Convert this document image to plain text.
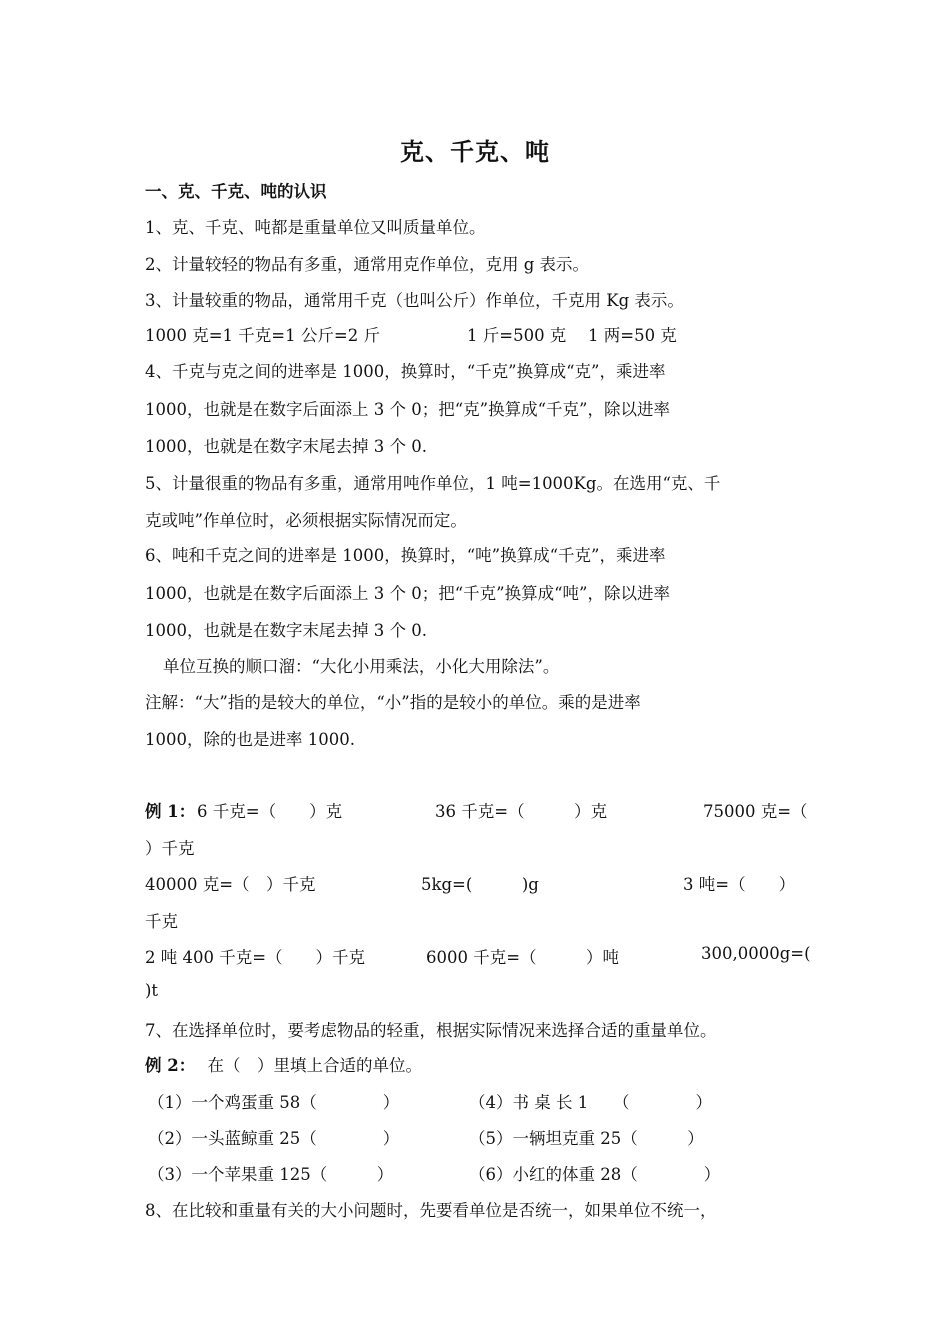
克、千克、吨
一、克、千克、吨的认识
1、克、千克、吨都是重量单位又叫质量单位。
2、计量较轻的物品有多重，通常用克作单位，克用 g 表示。
3、计量较重的物品，通常用千克（也叫公斤）作单位，千克用 Kg 表示。
1000 克=1 千克=1 公斤=2 斤	1 斤=500 克 1 两=50 克
4、千克与克之间的进率是 1000，换算时，“千克”换算成“克”，乘进率
1000，也就是在数字后面添上 3 个 0；把“克”换算成“千克”，除以进率
1000，也就是在数字末尾去掉 3 个 0.
5、计量很重的物品有多重，通常用吨作单位，1 吨=1000Kg。在选用“克、千
克或吨”作单位时，必须根据实际情况而定。
6、吨和千克之间的进率是 1000，换算时，“吨”换算成“千克”，乘进率
1000，也就是在数字后面添上 3 个 0；把“千克”换算成“吨”，除以进率
1000，也就是在数字末尾去掉 3 个 0.
单位互换的顺口溜：“大化小用乘法，小化大用除法”。
注解：“大”指的是较大的单位，“小”指的是较小的单位。乘的是进率
1000，除的也是进率 1000.
例 1： 6 千克=（　　）克	36 千克=（　　　）克	75000 克=（
）千克
40000 克=（　）千克	5kg=(　　　)g	3 吨=（　　）
千克
2 吨 400 千克=（　　）千克	6000 千克=（　　　）吨	300,0000g=(
)t
7、在选择单位时，要考虑物品的轻重，根据实际情况来选择合适的重量单位。
例 2：
　在（　）里填上合适的单位。
（1）一个鸡蛋重 58（　　　　）	（4）书 桌 长 1　　（　　　　）
（2）一头蓝鲸重 25（　　　　）	（5）一辆坦克重 25（　　　）
（3）一个苹果重 125（　　　）	（6）小红的体重 28（　　　　）
8、在比较和重量有关的大小问题时，先要看单位是否统一，如果单位不统一，
